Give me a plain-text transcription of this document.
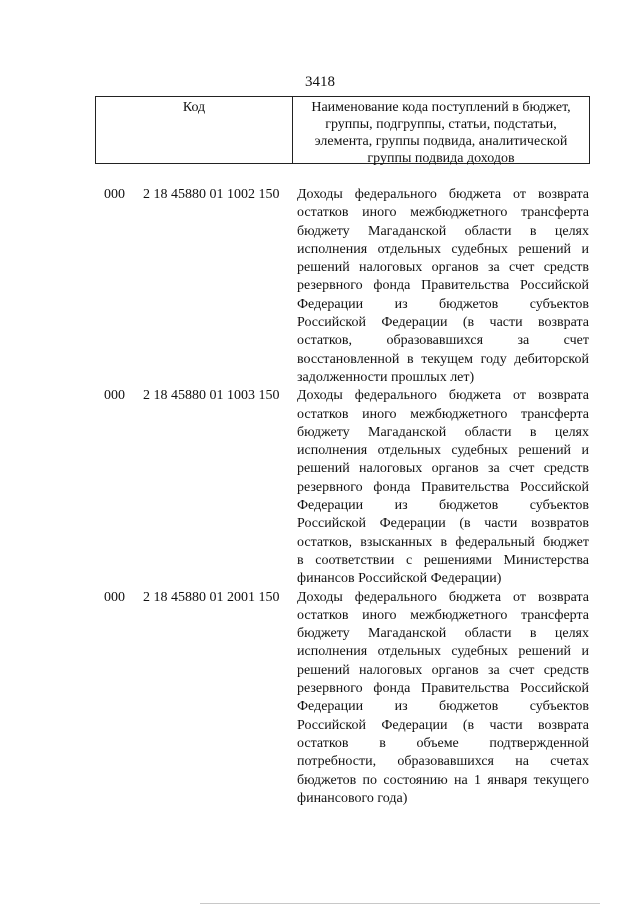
3418
Код	Наименование кода поступлений в бюджет, группы, подгруппы, статьи, подстатьи, элемента, группы подвида, аналитической группы подвида доходов
000 2 18 45880 01 1002 150 Доходы федерального бюджета от возврата
остатков иного межбюджетного трансферта
бюджету Магаданской области в целях
исполнения отдельных судебных решений и
решений налоговых органов за счет средств
резервного фонда Правительства Российской
Федерации из бюджетов субъектов
Российской Федерации (в части возврата
остатков, образовавшихся за счет
восстановленной в текущем году дебиторской
задолженности прошлых лет)
000 2 18 45880 01 1003 150 Доходы федерального бюджета от возврата
остатков иного межбюджетного трансферта
бюджету Магаданской области в целях
исполнения отдельных судебных решений и
решений налоговых органов за счет средств
резервного фонда Правительства Российской
Федерации из бюджетов субъектов
Российской Федерации (в части возвратов
остатков, взысканных в федеральный бюджет
в соответствии с решениями Министерства
финансов Российской Федерации)
000 2 18 45880 01 2001 150 Доходы федерального бюджета от возврата
остатков иного межбюджетного трансферта
бюджету Магаданской области в целях
исполнения отдельных судебных решений и
решений налоговых органов за счет средств
резервного фонда Правительства Российской
Федерации из бюджетов субъектов
Российской Федерации (в части возврата
остатков в объеме подтвержденной
потребности, образовавшихся на счетах
бюджетов по состоянию на 1 января текущего
финансового года)
